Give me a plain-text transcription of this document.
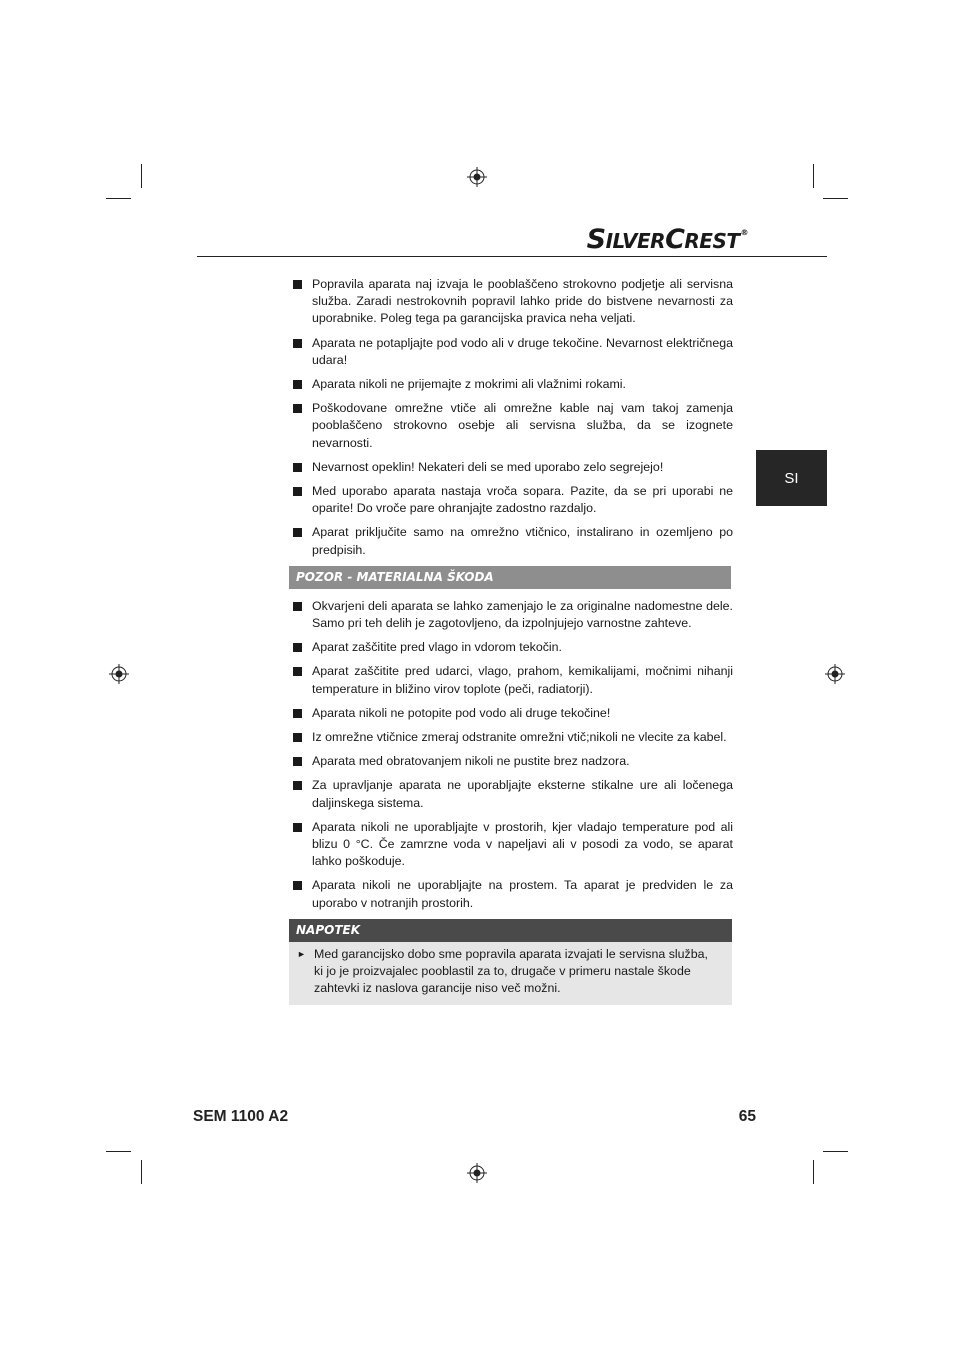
SILVERCREST®
SI
Popravila aparata naj izvaja le pooblaščeno strokovno podjetje ali servisna služba. Zaradi nestrokovnih popravil lahko pride do bistvene nevarnosti za uporabnike. Poleg tega pa garancijska pravica neha veljati.
Aparata ne potapljajte pod vodo ali v druge tekočine. Nevarnost električnega udara!
Aparata nikoli ne prijemajte z mokrimi ali vlažnimi rokami.
Poškodovane omrežne vtiče ali omrežne kable naj vam takoj zamenja pooblaščeno strokovno osebje ali servisna služba, da se izognete nevarnosti.
Nevarnost opeklin! Nekateri deli se med uporabo zelo segrejejo!
Med uporabo aparata nastaja vroča sopara. Pazite, da se pri uporabi ne oparite! Do vroče pare ohranjajte zadostno razdaljo.
Aparat priključite samo na omrežno vtičnico, instalirano in ozemljeno po predpisih.
POZOR - MATERIALNA ŠKODA
Okvarjeni deli aparata se lahko zamenjajo le za originalne nadomestne dele. Samo pri teh delih je zagotovljeno, da izpolnjujejo varnostne zahteve.
Aparat zaščitite pred vlago in vdorom tekočin.
Aparat zaščitite pred udarci, vlago, prahom, kemikalijami, močnimi nihanji temperature in bližino virov toplote (peči, radiatorji).
Aparata nikoli ne potopite pod vodo ali druge tekočine!
Iz omrežne vtičnice zmeraj odstranite omrežni vtič;nikoli ne vlecite za kabel.
Aparata med obratovanjem nikoli ne pustite brez nadzora.
Za upravljanje aparata ne uporabljajte eksterne stikalne ure ali ločenega daljinskega sistema.
Aparata nikoli ne uporabljajte v prostorih, kjer vladajo temperature pod ali blizu 0 °C. Če zamrzne voda v napeljavi ali v posodi za vodo, se aparat lahko poškoduje.
Aparata nikoli ne uporabljajte na prostem. Ta aparat je predviden le za uporabo v notranjih prostorih.
NAPOTEK
► Med garancijsko dobo sme popravila aparata izvajati le servisna služba, ki jo je proizvajalec pooblastil za to, drugače v primeru nastale škode zahtevki iz naslova garancije niso več možni.
SEM 1100 A2	65
